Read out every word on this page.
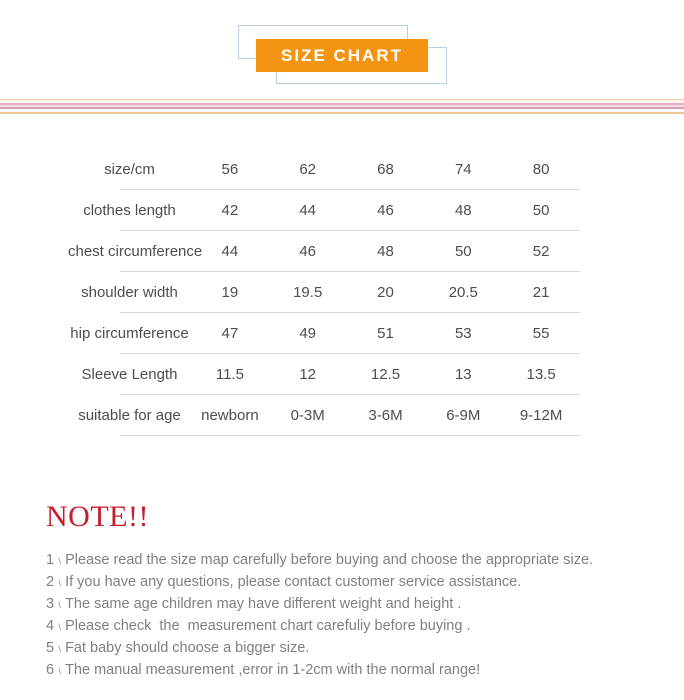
SIZE CHART
size/cm	56	62	68	74	80
clothes length	42	44	46	48	50
chest circumference	44	46	48	50	52
shoulder width	19	19.5	20	20.5	21
hip circumference	47	49	51	53	55
Sleeve Length	11.5	12	12.5	13	13.5
suitable for age	newborn	0-3M	3-6M	6-9M	9-12M
NOTE!!
1 \ Please read the size map carefully before buying and choose the appropriate size.
2 \ If you have any questions, please contact customer service assistance.
3 \ The same age children may have different weight and height .
4 \ Please check  the  measurement chart carefuliy before buying .
5 \ Fat baby should choose a bigger size.
6 \ The manual measurement ,error in 1-2cm with the normal range!
